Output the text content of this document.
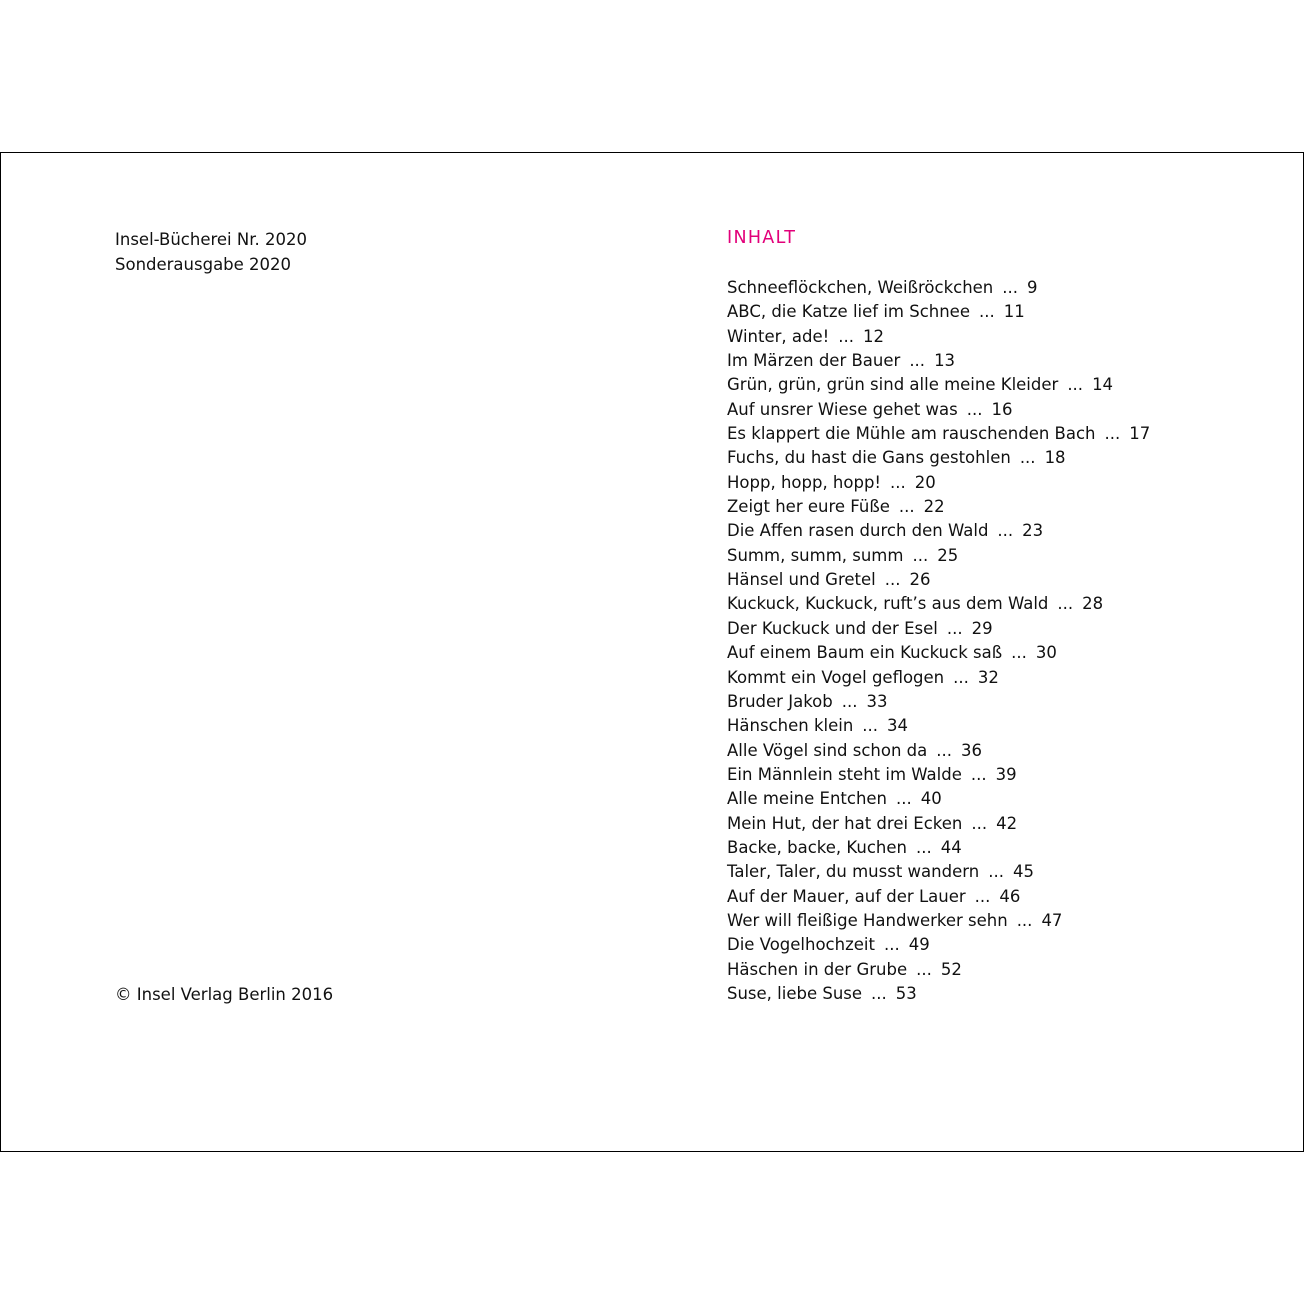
Insel-Bücherei Nr. 2020
Sonderausgabe 2020
© Insel Verlag Berlin 2016
INHALT
Schneeflöckchen, Weißröckchen ... 9
ABC, die Katze lief im Schnee ... 11
Winter, ade! ... 12
Im Märzen der Bauer ... 13
Grün, grün, grün sind alle meine Kleider ... 14
Auf unsrer Wiese gehet was ... 16
Es klappert die Mühle am rauschenden Bach ... 17
Fuchs, du hast die Gans gestohlen ... 18
Hopp, hopp, hopp! ... 20
Zeigt her eure Füße ... 22
Die Affen rasen durch den Wald ... 23
Summ, summ, summ ... 25
Hänsel und Gretel ... 26
Kuckuck, Kuckuck, ruft’s aus dem Wald ... 28
Der Kuckuck und der Esel ... 29
Auf einem Baum ein Kuckuck saß ... 30
Kommt ein Vogel geflogen ... 32
Bruder Jakob ... 33
Hänschen klein ... 34
Alle Vögel sind schon da ... 36
Ein Männlein steht im Walde ... 39
Alle meine Entchen ... 40
Mein Hut, der hat drei Ecken ... 42
Backe, backe, Kuchen ... 44
Taler, Taler, du musst wandern ... 45
Auf der Mauer, auf der Lauer ... 46
Wer will fleißige Handwerker sehn ... 47
Die Vogelhochzeit ... 49
Häschen in der Grube ... 52
Suse, liebe Suse ... 53
